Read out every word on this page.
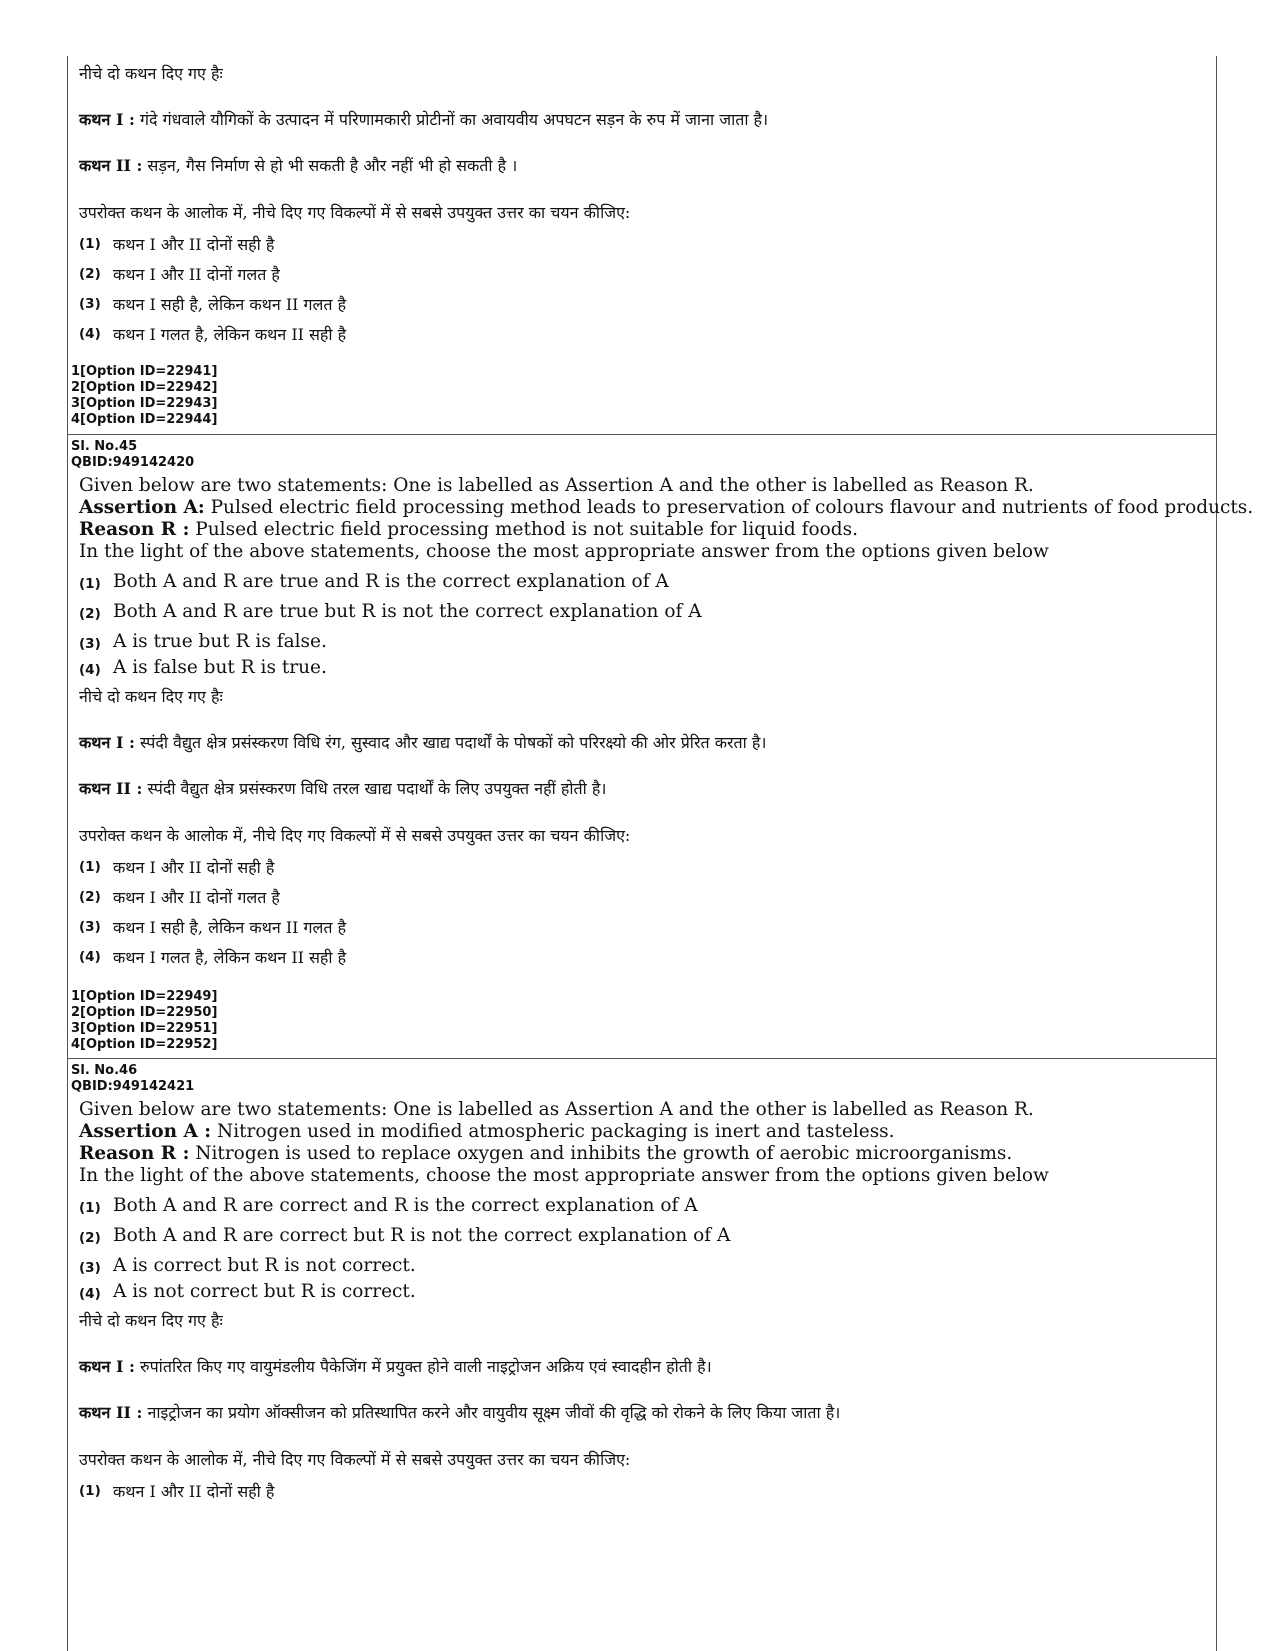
नीचे दो कथन दिए गए हैः
कथन I : गंदे गंधवाले यौगिकों के उत्पादन में परिणामकारी प्रोटीनों का अवायवीय अपघटन सड़न के रुप में जाना जाता है।
कथन II : सड़न, गैस निर्माण से हो भी सकती है और नहीं भी हो सकती है ।
उपरोक्त कथन के आलोक में, नीचे दिए गए विकल्पों में से सबसे उपयुक्त उत्तर का चयन कीजिए:
(1) कथन I और II दोनों सही है
(2) कथन I और II दोनों गलत है
(3) कथन I सही है, लेकिन कथन II गलत है
(4) कथन I गलत है, लेकिन कथन II सही है
1[Option ID=22941]
2[Option ID=22942]
3[Option ID=22943]
4[Option ID=22944]
Sl. No.45
QBID:949142420
Given below are two statements: One is labelled as Assertion A and the other is labelled as Reason R.
Assertion A: Pulsed electric field processing method leads to preservation of colours flavour and nutrients of food products.
Reason R : Pulsed electric field processing method is not suitable for liquid foods.
In the light of the above statements, choose the most appropriate answer from the options given below
(1) Both A and R are true and R is the correct explanation of A
(2) Both A and R are true but R is not the correct explanation of A
(3) A is true but R is false.
(4) A is false but R is true.
नीचे दो कथन दिए गए हैः
कथन I : स्पंदी वैद्युत क्षेत्र प्रसंस्करण विधि रंग, सुस्वाद और खाद्य पदार्थों के पोषकों को परिरक्ष्यो की ओर प्रेरित करता है।
कथन II : स्पंदी वैद्युत क्षेत्र प्रसंस्करण विधि तरल खाद्य पदार्थों के लिए उपयुक्त नहीं होती है।
उपरोक्त कथन के आलोक में, नीचे दिए गए विकल्पों में से सबसे उपयुक्त उत्तर का चयन कीजिए:
(1) कथन I और II दोनों सही है
(2) कथन I और II दोनों गलत है
(3) कथन I सही है, लेकिन कथन II गलत है
(4) कथन I गलत है, लेकिन कथन II सही है
1[Option ID=22949]
2[Option ID=22950]
3[Option ID=22951]
4[Option ID=22952]
Sl. No.46
QBID:949142421
Given below are two statements: One is labelled as Assertion A and the other is labelled as Reason R.
Assertion A : Nitrogen used in modified atmospheric packaging is inert and tasteless.
Reason R : Nitrogen is used to replace oxygen and inhibits the growth of aerobic microorganisms.
In the light of the above statements, choose the most appropriate answer from the options given below
(1) Both A and R are correct and R is the correct explanation of A
(2) Both A and R are correct but R is not the correct explanation of A
(3) A is correct but R is not correct.
(4) A is not correct but R is correct.
नीचे दो कथन दिए गए हैः
कथन I : रुपांतरित किए गए वायुमंडलीय पैकेजिंग में प्रयुक्त होने वाली नाइट्रोजन अक्रिय एवं स्वादहीन होती है।
कथन II : नाइट्रोजन का प्रयोग ऑक्सीजन को प्रतिस्थापित करने और वायुवीय सूक्ष्म जीवों की वृद्धि को रोकने के लिए किया जाता है।
उपरोक्त कथन के आलोक में, नीचे दिए गए विकल्पों में से सबसे उपयुक्त उत्तर का चयन कीजिए:
(1) कथन I और II दोनों सही है
